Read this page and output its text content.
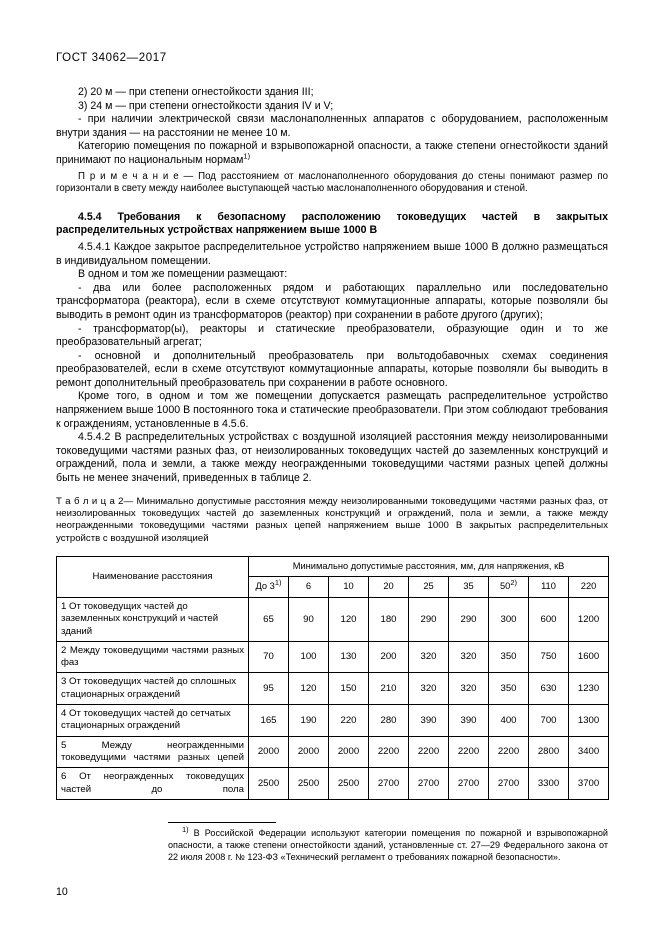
ГОСТ 34062—2017

2) 20 м — при степени огнестойкости здания III;

3) 24 м — при степени огнестойкости здания IV и V;

- при наличии электрической связи маслонаполненных аппаратов с оборудованием, расположенным внутри здания — на расстоянии не менее 10 м.

Категорию помещения по пожарной и взрывопожарной опасности, а также степени огнестойкости зданий принимают по национальным нормам$^{1)}$

П р и м е ч а н и е — Под расстоянием от маслонаполненного оборудования до стены понимают размер по горизонтали в свету между наиболее выступающей частью маслонаполненного оборудования и стеной.

4.5.4 Требования к безопасному расположению токоведущих частей в закрытых распределительных устройствах напряжением выше 1000 В

4.5.4.1 Каждое закрытое распределительное устройство напряжением выше 1000 В должно размещаться в индивидуальном помещении.

В одном и том же помещении размещают:

- два или более расположенных рядом и работающих параллельно или последовательно трансформатора (реактора), если в схеме отсутствуют коммутационные аппараты, которые позволяли бы выводить в ремонт один из трансформаторов (реактор) при сохранении в работе другого (других);

- трансформатор(ы), реакторы и статические преобразователи, образующие один и то же преобразовательный агрегат;

- основной и дополнительный преобразователь при вольтодобавочных схемах соединения преобразователей, если в схеме отсутствуют коммутационные аппараты, которые позволяли бы выводить в ремонт дополнительный преобразователь при сохранении в работе основного.

Кроме того, в одном и том же помещении допускается размещать распределительное устройство напряжением выше 1000 В постоянного тока и статические преобразователи. При этом соблюдают требования к ограждениям, установленные в 4.5.6.

4.5.4.2 В распределительных устройствах с воздушной изоляцией расстояния между неизолированными токоведущими частями разных фаз, от неизолированных токоведущих частей до заземленных конструкций и ограждений, пола и земли, а также между неогражденными токоведущими частями разных цепей должны быть не менее значений, приведенных в таблице 2.

Т а б л и ц а 2— Минимально допустимые расстояния между неизолированными токоведущими частями разных фаз, от неизолированных токоведущих частей до заземленных конструкций и ограждений, пола и земли, а также между неогражденными токоведущими частями разных цепей напряжением выше 1000 В закрытых распределительных устройств с воздушной изоляцией

Наименование расстояния	Минимально допустимые расстояния, мм, для напряжения, кВ								
	До 3$^{1)}$	6	10	20	25	35	50$^{2)}$	110	220
1 От токоведущих частей до заземленных конструкций и частей зданий	65	90	120	180	290	290	300	600	1200
2 Между токоведущими частями разных фаз	70	100	130	200	320	320	350	750	1600
3 От токоведущих частей до сплошных стационарных ограждений	95	120	150	210	320	320	350	630	1230
4 От токоведущих частей до сетчатых стационарных ограждений	165	190	220	280	390	390	400	700	1300
5 Между неогражденными токоведущими частями разных цепей	2000	2000	2000	2200	2200	2200	2200	2800	3400
6 От неогражденных токоведущих частей до пола	2500	2500	2500	2700	2700	2700	2700	3300	3700

$^{1)}$ В Российской Федерации используют категории помещения по пожарной и взрывопожарной опасности, а также степени огнестойкости зданий, установленные ст. 27—29 Федерального закона от 22 июля 2008 г. № 123-ФЗ «Технический регламент о требованиях пожарной безопасности».

10
